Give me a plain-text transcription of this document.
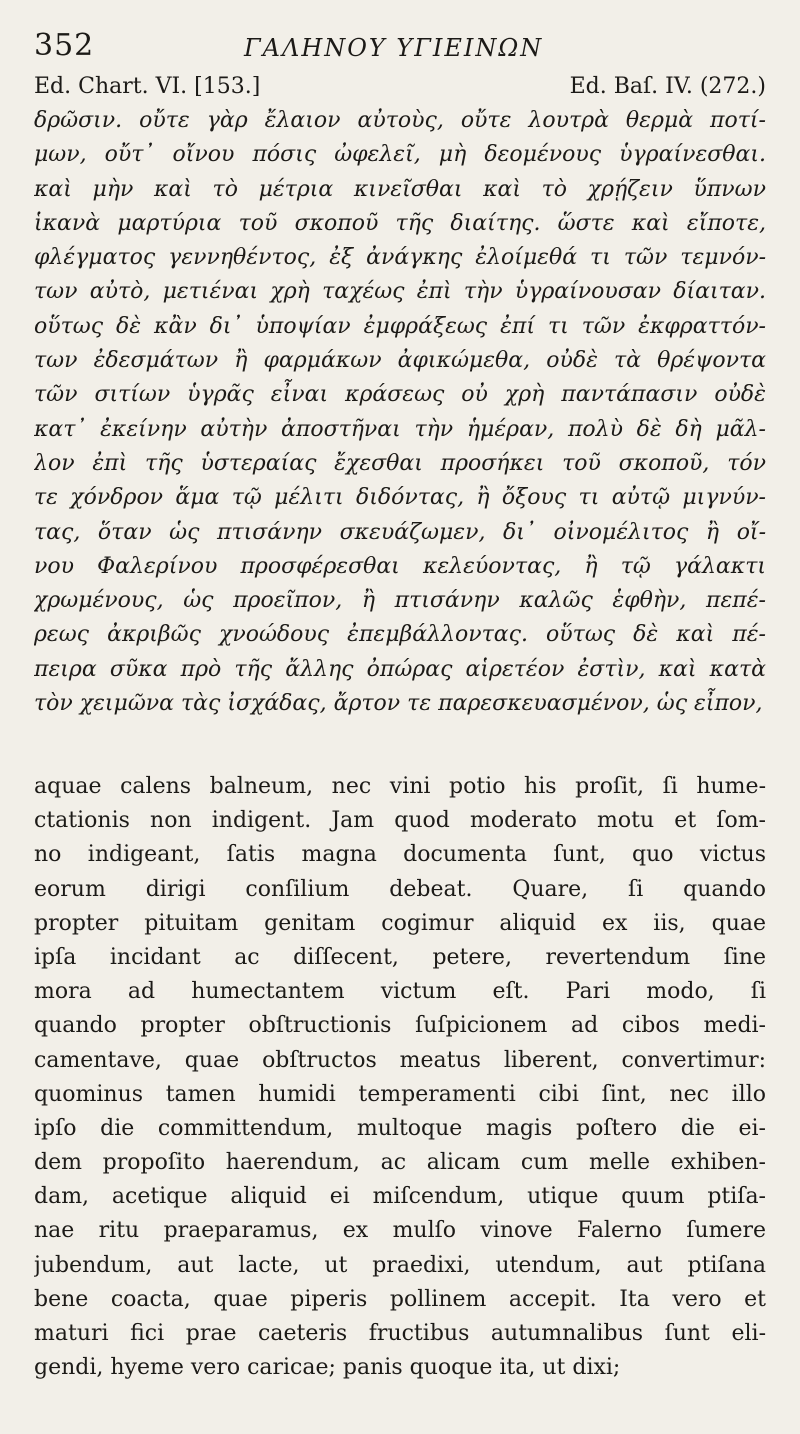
352	ΓΑΛΗΝΟΥ ΥΓΙΕΙΝΩΝ
Ed. Chart. VI. [153.]	Ed. Baſ. IV. (272.)
δρῶσιν. οὔτε γὰρ ἔλαιον αὐτοὺς, οὔτε λουτρὰ θερμὰ ποτί-
μων, οὔτ᾽ οἴνου πόσις ὠφελεῖ, μὴ δεομένους ὑγραίνεσθαι.
καὶ μὴν καὶ τὸ μέτρια κινεῖσθαι καὶ τὸ χρῄζειν ὕπνων
ἱκανὰ μαρτύρια τοῦ σκοποῦ τῆς διαίτης. ὥστε καὶ εἴποτε,
φλέγματος γεννηθέντος, ἐξ ἀνάγκης ἐλοίμεθά τι τῶν τεμνόν-
των αὐτὸ, μετιέναι χρὴ ταχέως ἐπὶ τὴν ὑγραίνουσαν δίαιταν.
οὕτως δὲ κἂν δι᾽ ὑποψίαν ἐμφράξεως ἐπί τι τῶν ἐκφραττόν-
των ἐδεσμάτων ἢ φαρμάκων ἀφικώμεθα, οὐδὲ τὰ θρέψοντα
τῶν σιτίων ὑγρᾶς εἶναι κράσεως οὐ χρὴ παντάπασιν οὐδὲ
κατ᾽ ἐκείνην αὐτὴν ἀποστῆναι τὴν ἡμέραν, πολὺ δὲ δὴ μᾶλ-
λον ἐπὶ τῆς ὑστεραίας ἔχεσθαι προσήκει τοῦ σκοποῦ, τόν
τε χόνδρον ἅμα τῷ μέλιτι διδόντας, ἢ ὄξους τι αὐτῷ μιγνύν-
τας, ὅταν ὡς πτισάνην σκευάζωμεν, δι᾽ οἰνομέλιτος ἢ οἴ-
νου Φαλερίνου προσφέρεσθαι κελεύοντας, ἢ τῷ γάλακτι
χρωμένους, ὡς προεῖπον, ἢ πτισάνην καλῶς ἑφθὴν, πεπέ-
ρεως ἀκριβῶς χνοώδους ἐπεμβάλλοντας. οὕτως δὲ καὶ πέ-
πειρα σῦκα πρὸ τῆς ἄλλης ὀπώρας αἱρετέον ἐστὶν, καὶ κατὰ
τὸν χειμῶνα τὰς ἰσχάδας, ἄρτον τε παρεσκευασμένον, ὡς εἶπον,
aquae calens balneum, nec vini potio his proſit, ſi hume-
ctationis non indigent. Jam quod moderato motu et ſom-
no indigeant, ſatis magna documenta ſunt, quo victus
eorum dirigi conſilium debeat. Quare, ſi quando
propter pituitam genitam cogimur aliquid ex iis, quae
ipſa incidant ac diſſecent, petere, revertendum ſine
mora ad humectantem victum eſt. Pari modo, ſi
quando propter obſtructionis ſuſpicionem ad cibos medi-
camentave, quae obſtructos meatus liberent, convertimur:
quominus tamen humidi temperamenti cibi ſint, nec illo
ipſo die committendum, multoque magis poſtero die ei-
dem propoſito haerendum, ac alicam cum melle exhiben-
dam, acetique aliquid ei miſcendum, utique quum ptiſa-
nae ritu praeparamus, ex mulſo vinove Falerno ſumere
jubendum, aut lacte, ut praedixi, utendum, aut ptiſana
bene coacta, quae piperis pollinem accepit. Ita vero et
maturi fici prae caeteris fructibus autumnalibus ſunt eli-
gendi, hyeme vero caricae; panis quoque ita, ut dixi;
